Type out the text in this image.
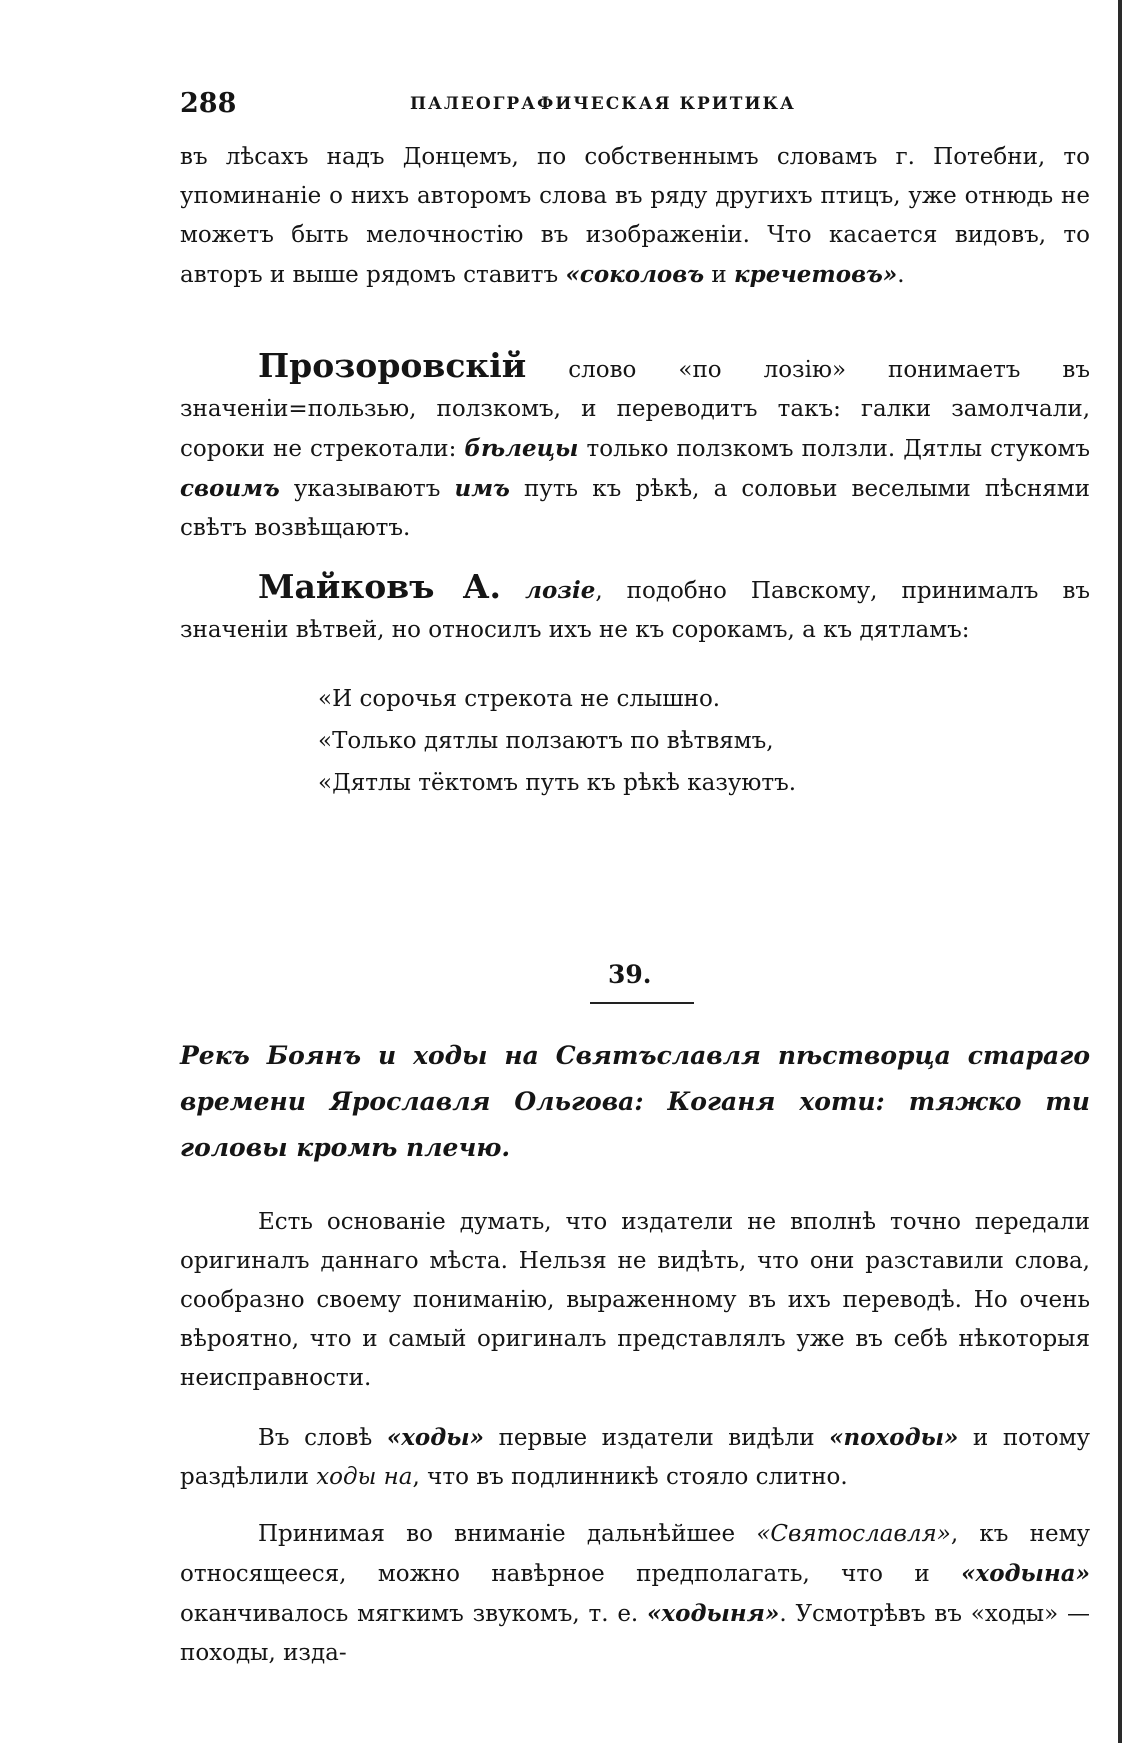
288	ПАЛЕОГРАФИЧЕСКАЯ КРИТИКА

въ лѣсахъ надъ Донцемъ, по собственнымъ словамъ г. Потебни, то упоминаніе о нихъ авторомъ слова въ ряду другихъ птицъ, уже отнюдь не можетъ быть мелочностію въ изображеніи. Что касается видовъ, то авторъ и выше рядомъ ставитъ «соколовъ и кречетовъ».

Прозоровскій слово «по лозію» понимаетъ въ значеніи=пользью, ползкомъ, и переводитъ такъ: галки замолчали, сороки не стрекотали: бѣлецы только ползкомъ ползли. Дятлы стукомъ своимъ указываютъ имъ путь къ рѣкѣ, а соловьи веселыми пѣснями свѣтъ возвѣщаютъ.

Майковъ А. лозіе, подобно Павскому, принималъ въ значеніи вѣтвей, но относилъ ихъ не къ сорокамъ, а къ дятламъ:

«И сорочья стрекота не слышно.
«Только дятлы ползаютъ по вѣтвямъ,
«Дятлы тёктомъ путь къ рѣкѣ казуютъ.
39.
Рекъ Боянъ и ходы на Святъславля пѣстворца стараго времени Ярославля Ольгова: Коганя хоти: тяжко ти головы кромѣ плечю.

Есть основаніе думать, что издатели не вполнѣ точно передали оригиналъ даннаго мѣста. Нельзя не видѣть, что они разставили слова, сообразно своему пониманію, выраженному въ ихъ переводѣ. Но очень вѣроятно, что и самый оригиналъ представлялъ уже въ себѣ нѣкоторыя неисправности.

Въ словѣ «ходы» первые издатели видѣли «походы» и потому раздѣлили ходы на, что въ подлинникѣ стояло слитно.

Принимая во вниманіе дальнѣйшее «Святославля», къ нему относящееся, можно навѣрное предполагать, что и «ходына» оканчивалось мягкимъ звукомъ, т. е. «ходыня». Усмотрѣвъ въ «ходы» —походы, изда-
